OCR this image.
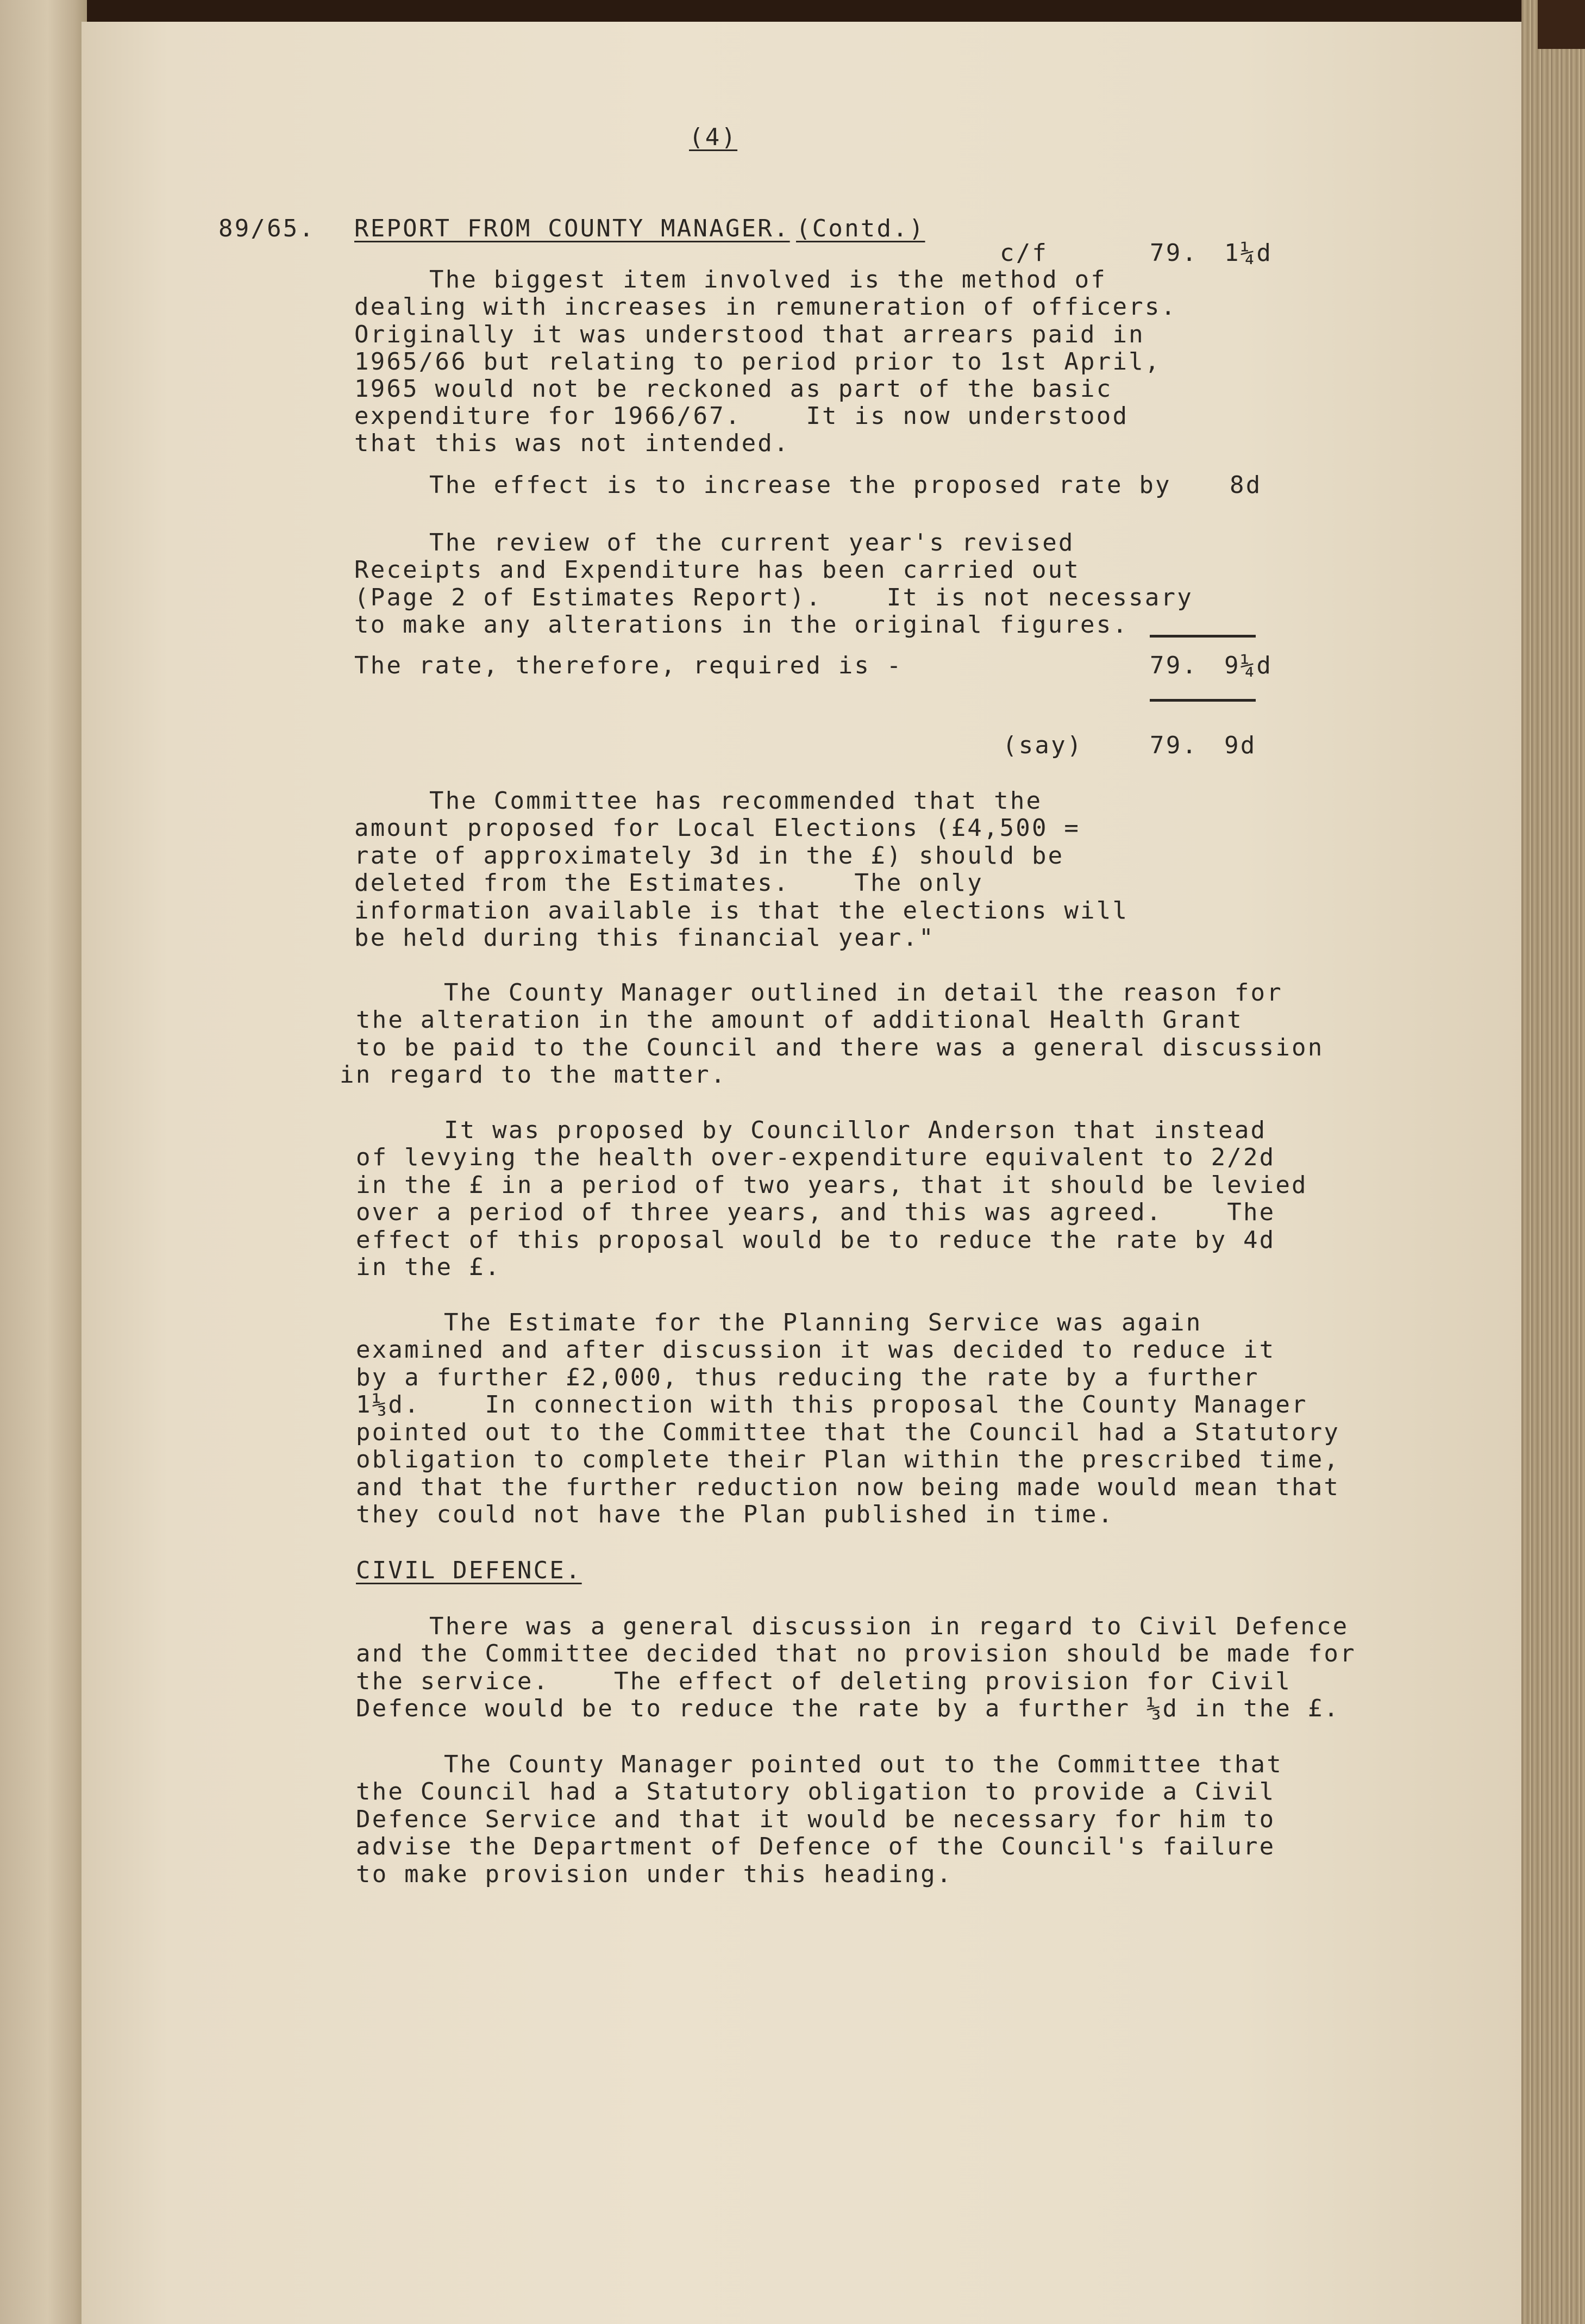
(4)
89/65. REPORT FROM COUNTY MANAGER. (Contd.)
c/f	79. 1¼d
The biggest item involved is the method of
dealing with increases in remuneration of officers.
Originally it was understood that arrears paid in
1965/66 but relating to period prior to 1st April,
1965 would not be reckoned as part of the basic
expenditure for 1966/67.    It is now understood
that this was not intended.
The effect is to increase the proposed rate by 8d
The review of the current year's revised
Receipts and Expenditure has been carried out
(Page 2 of Estimates Report).    It is not necessary
to make any alterations in the original figures.
The rate, therefore, required is -	79. 9¼d
(say)	79. 9d
The Committee has recommended that the
amount proposed for Local Elections (£4,500 =
rate of approximately 3d in the £) should be
deleted from the Estimates.    The only
information available is that the elections will
be held during this financial year."
The County Manager outlined in detail the reason for
the alteration in the amount of additional Health Grant
to be paid to the Council and there was a general discussion
in regard to the matter.
It was proposed by Councillor Anderson that instead
of levying the health over-expenditure equivalent to 2/2d
in the £ in a period of two years, that it should be levied
over a period of three years, and this was agreed.    The
effect of this proposal would be to reduce the rate by 4d
in the £.
The Estimate for the Planning Service was again
examined and after discussion it was decided to reduce it
by a further £2,000, thus reducing the rate by a further
1⅓d.    In connection with this proposal the County Manager
pointed out to the Committee that the Council had a Statutory
obligation to complete their Plan within the prescribed time,
and that the further reduction now being made would mean that
they could not have the Plan published in time.
CIVIL DEFENCE.
There was a general discussion in regard to Civil Defence
and the Committee decided that no provision should be made for
the service.    The effect of deleting provision for Civil
Defence would be to reduce the rate by a further ⅓d in the £.
The County Manager pointed out to the Committee that
the Council had a Statutory obligation to provide a Civil
Defence Service and that it would be necessary for him to
advise the Department of Defence of the Council's failure
to make provision under this heading.
